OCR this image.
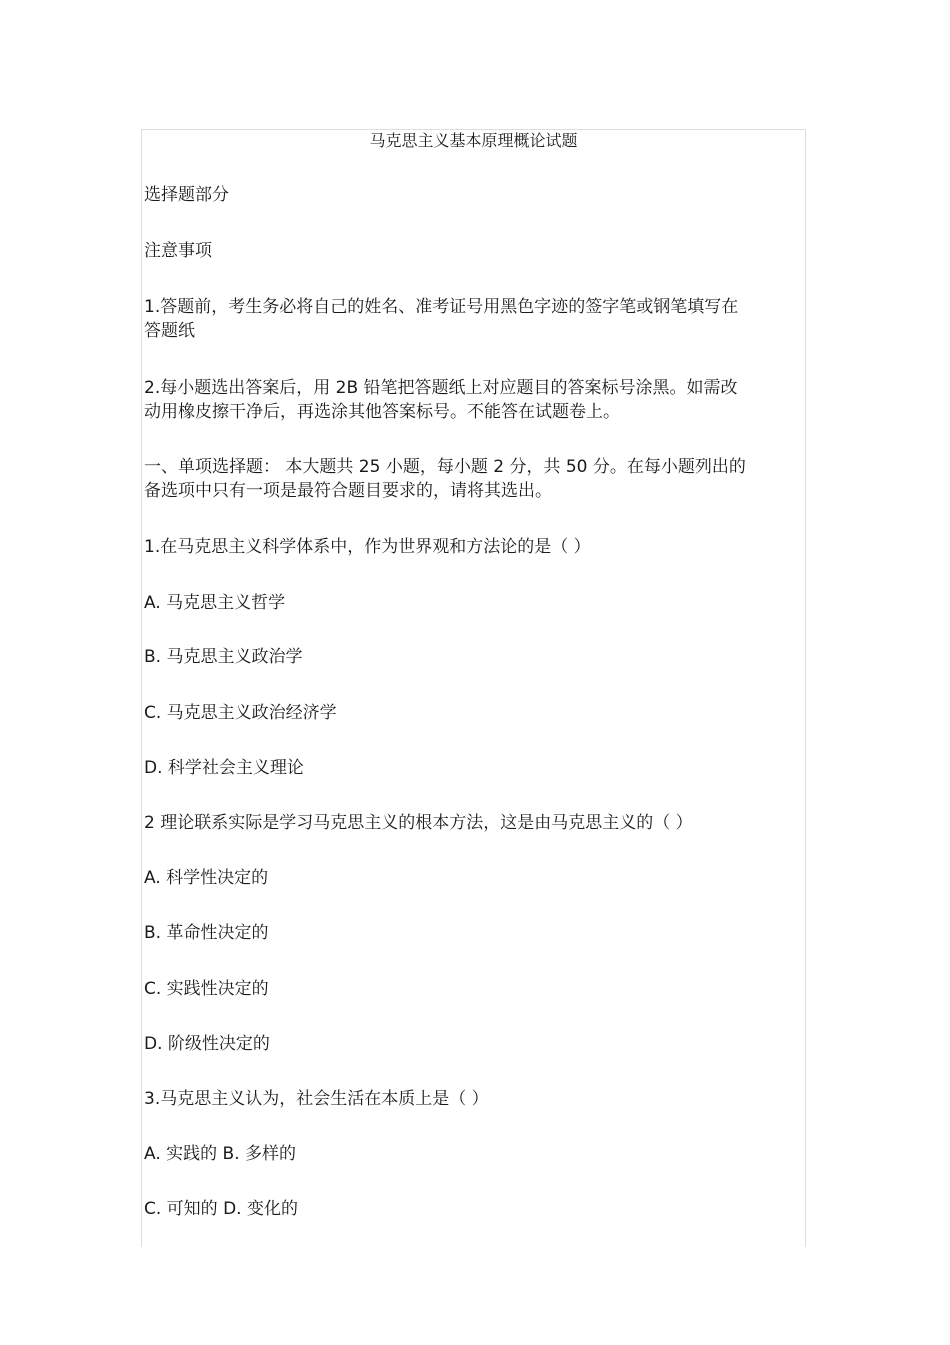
马克思主义基本原理概论试题
选择题部分
注意事项
1.答题前，考生务必将自己的姓名、准考证号用黑色字迹的签字笔或钢笔填写在
答题纸
2.每小题选出答案后，用 2B 铅笔把答题纸上对应题目的答案标号涂黑。如需改
动用橡皮擦干净后，再选涂其他答案标号。不能答在试题卷上。
一、单项选择题： 本大题共 25 小题，每小题 2 分，共 50 分。在每小题列出的
备选项中只有一项是最符合题目要求的，请将其选出。
1.在马克思主义科学体系中，作为世界观和方法论的是（ ）
A. 马克思主义哲学
B. 马克思主义政治学
C. 马克思主义政治经济学
D. 科学社会主义理论
2 理论联系实际是学习马克思主义的根本方法，这是由马克思主义的（ ）
A. 科学性决定的
B. 革命性决定的
C. 实践性决定的
D. 阶级性决定的
3.马克思主义认为，社会生活在本质上是（ ）
A. 实践的 B. 多样的
C. 可知的 D. 变化的
